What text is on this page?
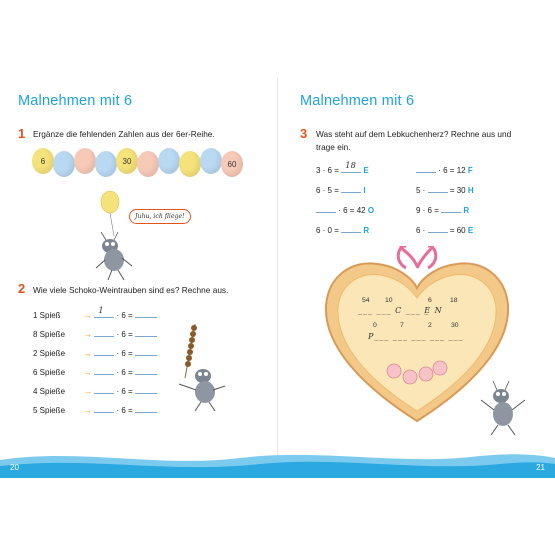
Malnehmen mit 6
1 Ergänze die fehlenden Zahlen aus der 6er-Reihe.
6	30	60
Juhu, ich fliege!
2 Wie viele Schoko-Weintrauben sind es? Rechne aus.
1 Spieß → 1 · 6 =
8 Spieße →	· 6 =
2 Spieße →	· 6 =
6 Spieße →	· 6 =
4 Spieße →	· 6 =
5 Spieße →	· 6 =
Malnehmen mit 6
3 Was steht auf dem Lebkuchenherz? Rechne aus und
trage ein.
3 · 6 = 18 E
6 · 5 =	I
· 6 = 42 O
6 · 0 =	R
· 6 = 12 F
5 ·	= 30 H
9 · 6 =	R
6 ·	= 60 E
54 10	6	18
___ ___ C ___ E̲ N
0	7	2	30
P___ ___ ___ ___ ___
20	21
